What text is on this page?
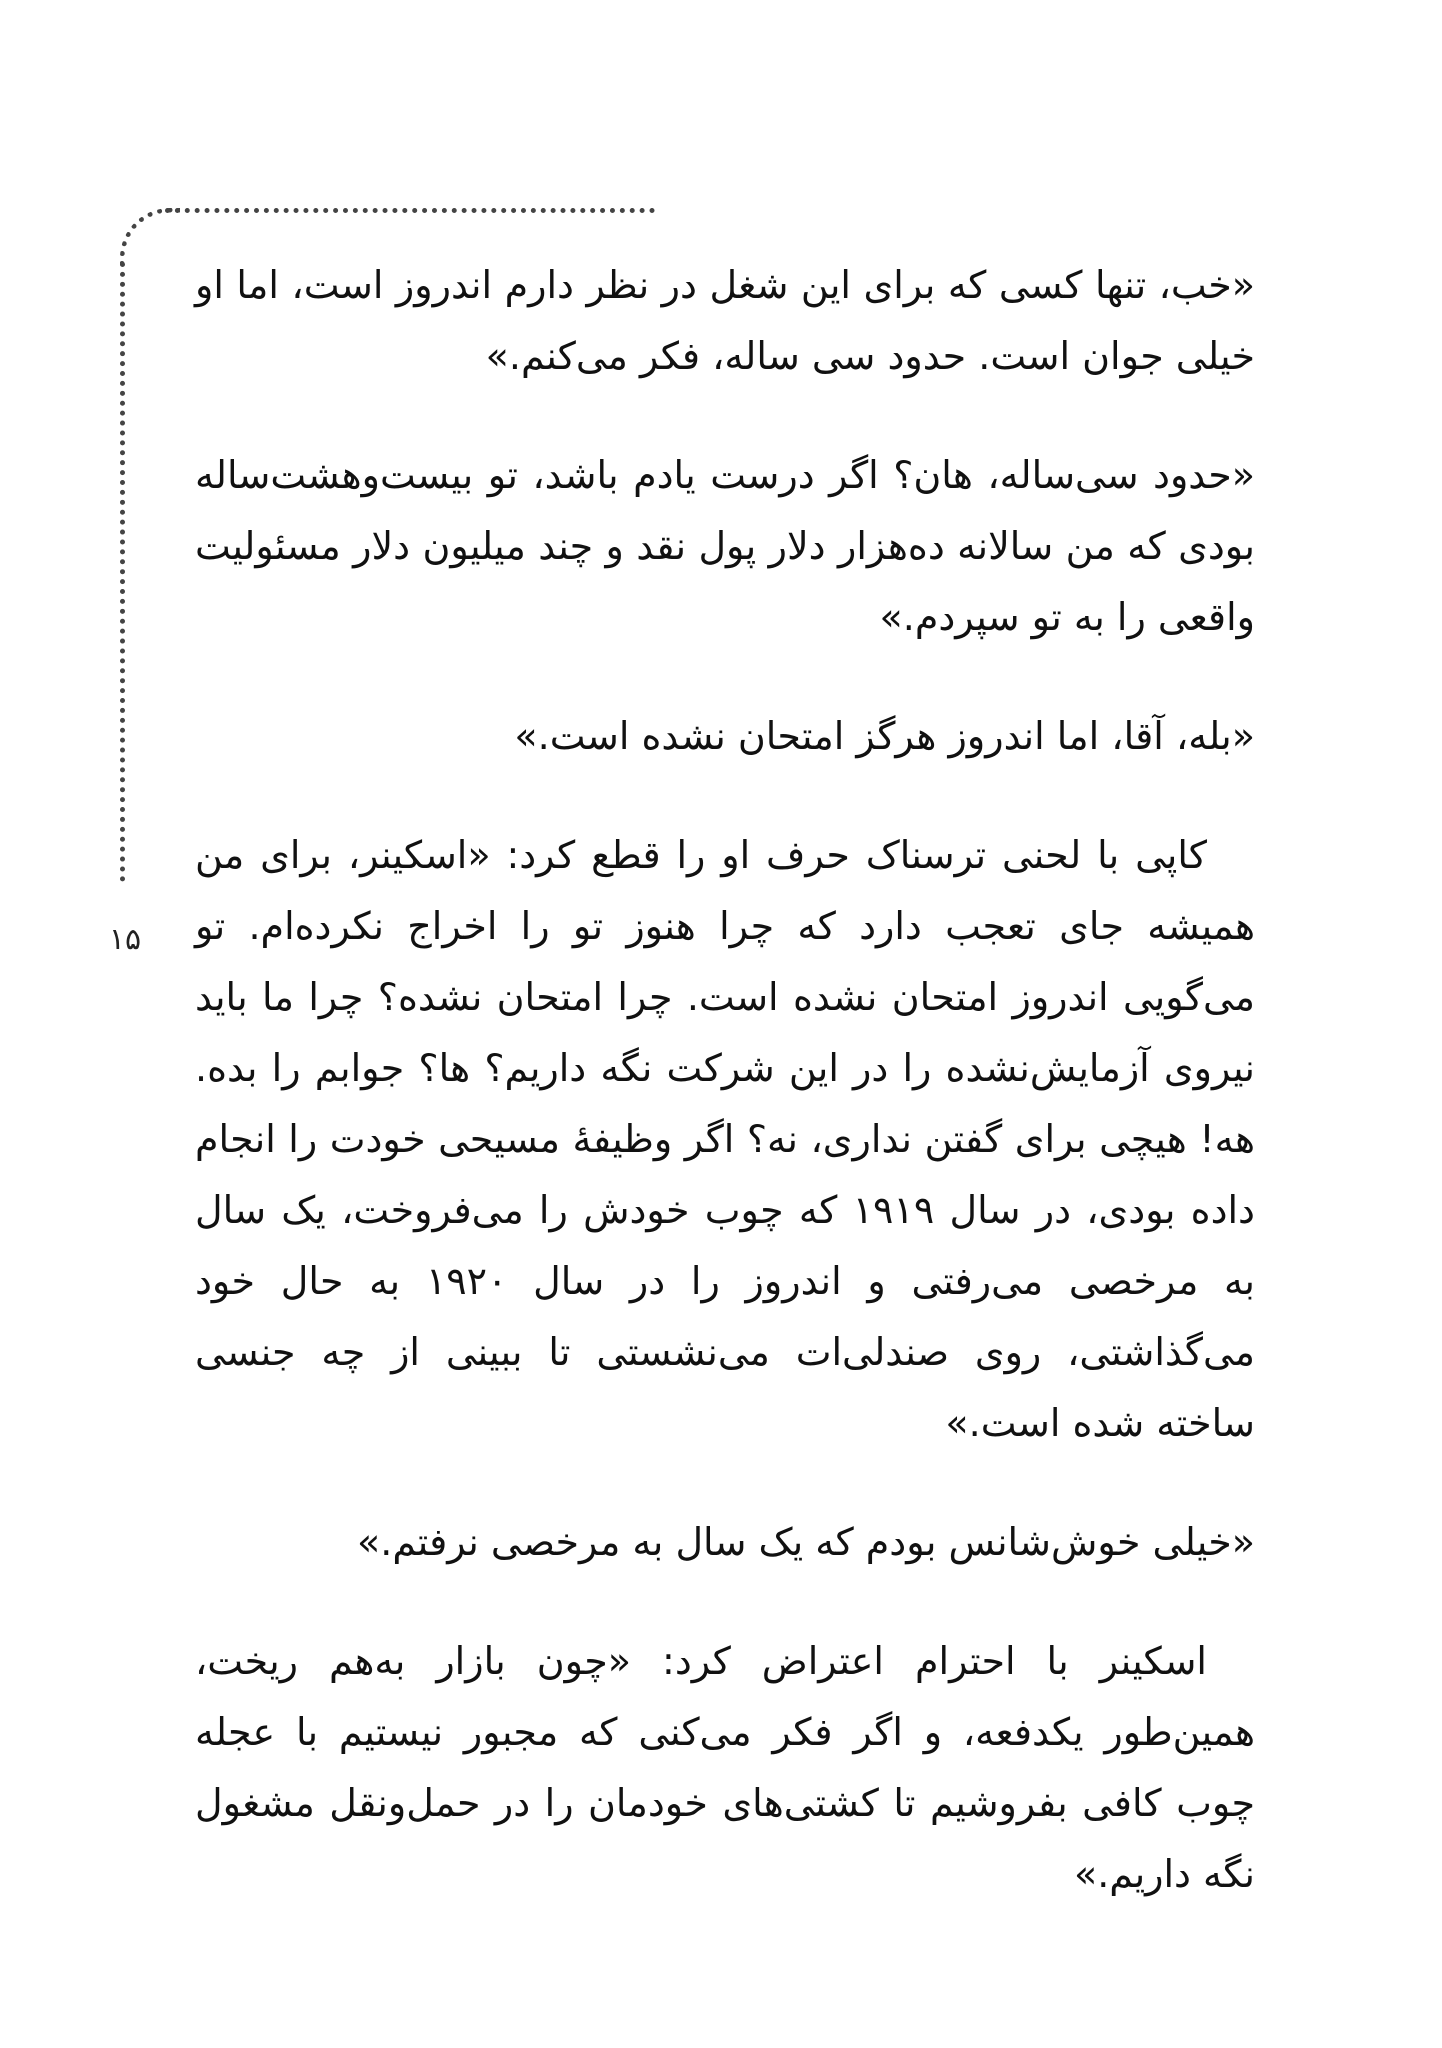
۱۵

«خب، تنها کسی که برای این شغل در نظر دارم اندروز است، اما او خیلی جوان است. حدود سی ساله، فکر می‌کنم.»

«حدود سی‌ساله، هان؟ اگر درست یادم باشد، تو بیست‌وهشت‌ساله بودی که من سالانه ده‌هزار دلار پول نقد و چند میلیون دلار مسئولیت واقعی را به تو سپردم.»

«بله، آقا، اما اندروز هرگز امتحان نشده است.»

کاپی با لحنی ترسناک حرف او را قطع کرد: «اسکینر، برای من همیشه جای تعجب دارد که چرا هنوز تو را اخراج نکرده‌ام. تو می‌گویی اندروز امتحان نشده است. چرا امتحان نشده؟ چرا ما باید نیروی آزمایش‌نشده را در این شرکت نگه داریم؟ ها؟ جوابم را بده. هه! هیچی برای گفتن نداری، نه؟ اگر وظیفهٔ مسیحی خودت را انجام داده بودی، در سال ۱۹۱۹ که چوب خودش را می‌فروخت، یک سال به مرخصی می‌رفتی و اندروز را در سال ۱۹۲۰ به حال خود می‌گذاشتی، روی صندلی‌ات می‌نشستی تا ببینی از چه جنسی ساخته شده است.»

«خیلی خوش‌شانس بودم که یک سال به مرخصی نرفتم.»

اسکینر با احترام اعتراض کرد: «چون بازار به‌هم ریخت، همین‌طور یکدفعه، و اگر فکر می‌کنی که مجبور نیستیم با عجله چوب کافی بفروشیم تا کشتی‌های خودمان را در حمل‌ونقل مشغول نگه داریم.»
